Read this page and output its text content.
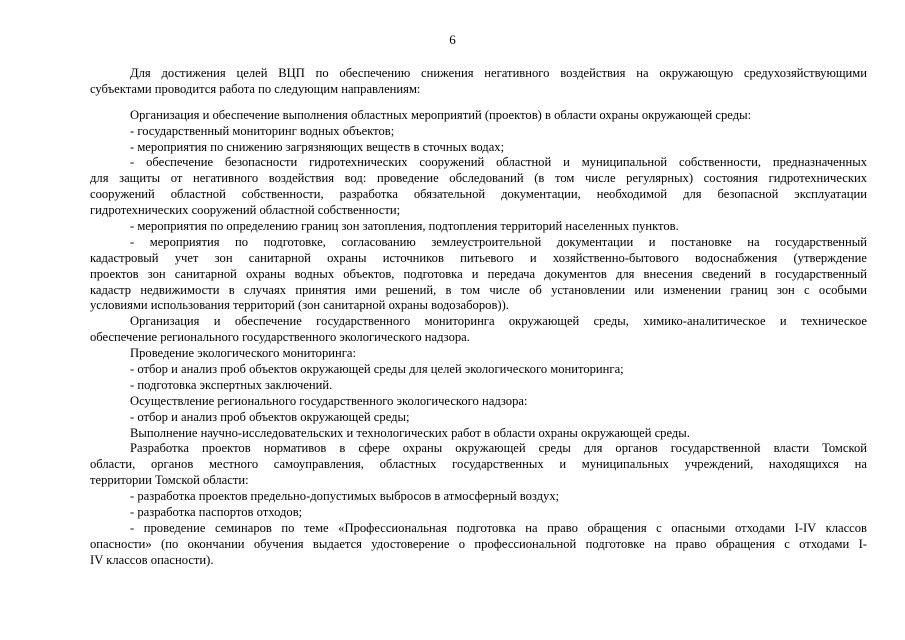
6
Для достижения целей ВЦП по обеспечению снижения негативного воздействия на окружающую средухозяйствующими
субъектами проводится работа по следующим направлениям:
Организация и обеспечение выполнения областных мероприятий (проектов) в области охраны окружающей среды:
- государственный мониторинг водных объектов;
- мероприятия по снижению загрязняющих веществ в сточных водах;
- обеспечение безопасности гидротехнических сооружений областной и муниципальной собственности, предназначенных
для защиты от негативного воздействия вод: проведение обследований (в том числе регулярных) состояния гидротехнических
сооружений областной собственности, разработка обязательной документации, необходимой для безопасной эксплуатации
гидротехнических сооружений областной собственности;
- мероприятия по определению границ зон затопления, подтопления территорий населенных пунктов.
- мероприятия по подготовке, согласованию землеустроительной документации и постановке на государственный
кадастровый учет зон санитарной охраны источников питьевого и хозяйственно-бытового водоснабжения (утверждение
проектов зон санитарной охраны водных объектов, подготовка и передача документов для внесения сведений в государственный
кадастр недвижимости в случаях принятия ими решений, в том числе об установлении или изменении границ зон с особыми
условиями использования территорий (зон санитарной охраны водозаборов)).
Организация и обеспечение государственного мониторинга окружающей среды, химико-аналитическое и техническое
обеспечение регионального государственного экологического надзора.
Проведение экологического мониторинга:
- отбор и анализ проб объектов окружающей среды для целей экологического мониторинга;
- подготовка экспертных заключений.
Осуществление регионального государственного экологического надзора:
- отбор и анализ проб объектов окружающей среды;
Выполнение научно-исследовательских и технологических работ в области охраны окружающей среды.
Разработка проектов нормативов в сфере охраны окружающей среды для органов государственной власти Томской
области, органов местного самоуправления, областных государственных и муниципальных учреждений, находящихся на
территории Томской области:
- разработка проектов предельно-допустимых выбросов в атмосферный воздух;
- разработка паспортов отходов;
- проведение семинаров по теме «Профессиональная подготовка на право обращения с опасными отходами I-IV классов
опасности» (по окончании обучения выдается удостоверение о профессиональной подготовке на право обращения с отходами I-
IV классов опасности).
